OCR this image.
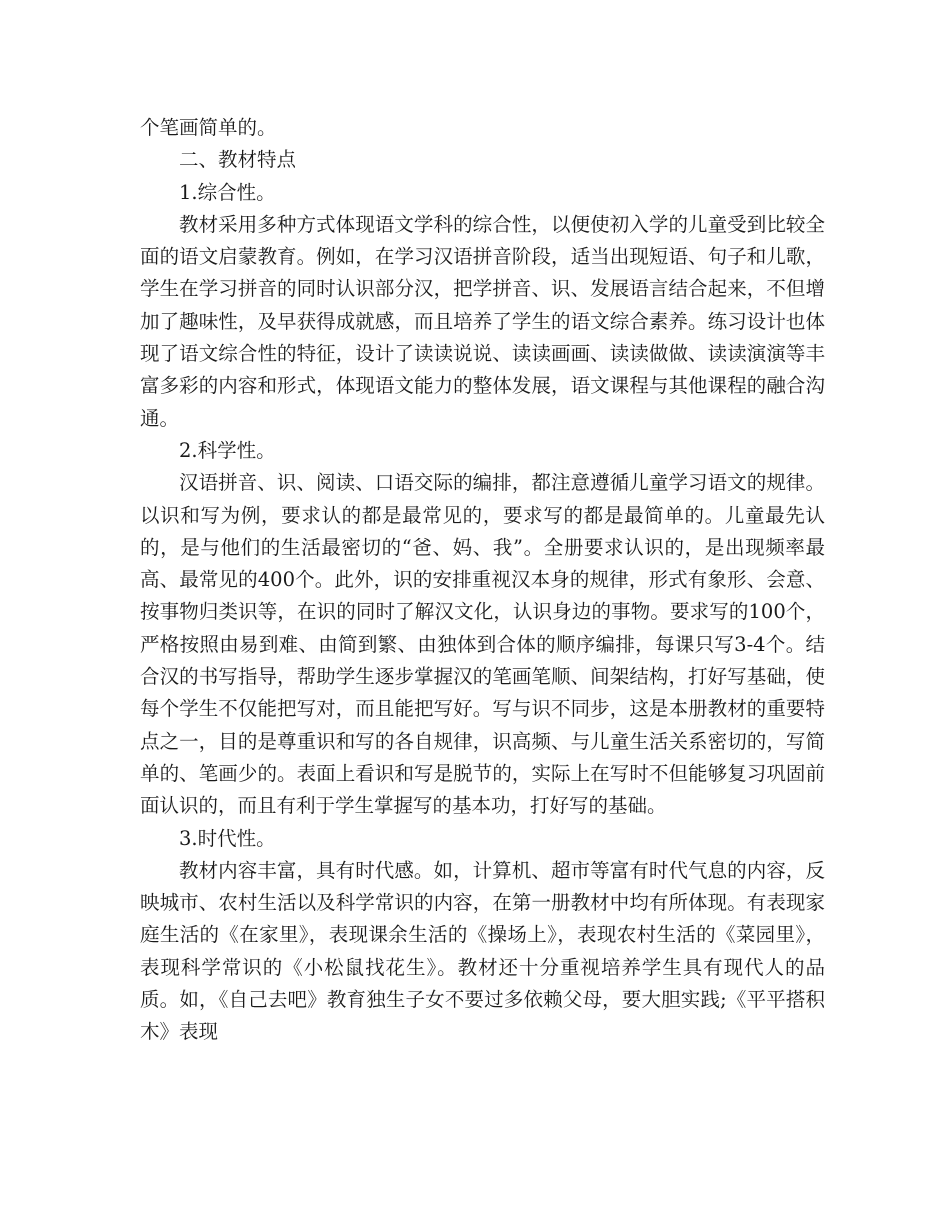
个笔画简单的。

二、教材特点

1.综合性。

教材采用多种方式体现语文学科的综合性，以便使初入学的儿童受到比较全面的语文启蒙教育。例如，在学习汉语拼音阶段，适当出现短语、句子和儿歌，学生在学习拼音的同时认识部分汉，把学拼音、识、发展语言结合起来，不但增加了趣味性，及早获得成就感，而且培养了学生的语文综合素养。练习设计也体现了语文综合性的特征，设计了读读说说、读读画画、读读做做、读读演演等丰富多彩的内容和形式，体现语文能力的整体发展，语文课程与其他课程的融合沟通。

2.科学性。

汉语拼音、识、阅读、口语交际的编排，都注意遵循儿童学习语文的规律。以识和写为例，要求认的都是最常见的，要求写的都是最简单的。儿童最先认的，是与他们的生活最密切的“爸、妈、我”。全册要求认识的，是出现频率最高、最常见的400个。此外，识的安排重视汉本身的规律，形式有象形、会意、按事物归类识等，在识的同时了解汉文化，认识身边的事物。要求写的100个，严格按照由易到难、由简到繁、由独体到合体的顺序编排，每课只写3-4个。结合汉的书写指导，帮助学生逐步掌握汉的笔画笔顺、间架结构，打好写基础，使每个学生不仅能把写对，而且能把写好。写与识不同步，这是本册教材的重要特点之一，目的是尊重识和写的各自规律，识高频、与儿童生活关系密切的，写简单的、笔画少的。表面上看识和写是脱节的，实际上在写时不但能够复习巩固前面认识的，而且有利于学生掌握写的基本功，打好写的基础。

3.时代性。

教材内容丰富，具有时代感。如，计算机、超市等富有时代气息的内容，反映城市、农村生活以及科学常识的内容，在第一册教材中均有所体现。有表现家庭生活的《在家里》，表现课余生活的《操场上》，表现农村生活的《菜园里》，表现科学常识的《小松鼠找花生》。教材还十分重视培养学生具有现代人的品质。如，《自己去吧》教育独生子女不要过多依赖父母，要大胆实践;《平平搭积木》表现
